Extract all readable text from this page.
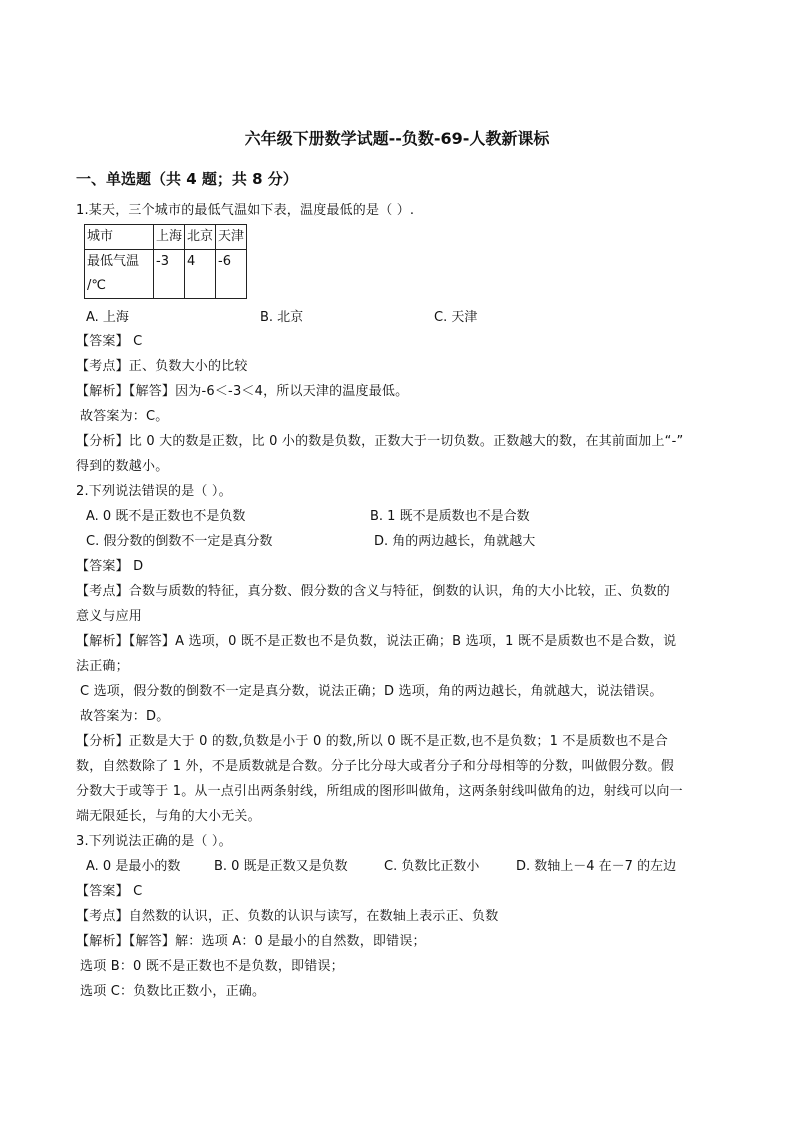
六年级下册数学试题--负数-69-人教新课标
一、单选题（共 4 题；共 8 分）
1.某天，三个城市的最低气温如下表，温度最低的是（ ）.
城市	上海	北京	天津

最低气温
/℃	-3	4	-6
A. 上海	B. 北京	C. 天津
【答案】 C
【考点】正、负数大小的比较
【解析】【解答】因为-6＜-3＜4，所以天津的温度最低。
故答案为：C。
【分析】比 0 大的数是正数，比 0 小的数是负数，正数大于一切负数。正数越大的数，在其前面加上“-”
得到的数越小。
2.下列说法错误的是（ ）。
A. 0 既不是正数也不是负数	B. 1 既不是质数也不是合数
C. 假分数的倒数不一定是真分数	D. 角的两边越长，角就越大
【答案】 D
【考点】合数与质数的特征，真分数、假分数的含义与特征，倒数的认识，角的大小比较，正、负数的
意义与应用
【解析】【解答】A 选项，0 既不是正数也不是负数，说法正确；B 选项，1 既不是质数也不是合数，说
法正确；
C 选项，假分数的倒数不一定是真分数，说法正确；D 选项，角的两边越长，角就越大，说法错误。
故答案为：D。
【分析】正数是大于 0 的数,负数是小于 0 的数,所以 0 既不是正数,也不是负数；1 不是质数也不是合
数，自然数除了 1 外，不是质数就是合数。分子比分母大或者分子和分母相等的分数，叫做假分数。假
分数大于或等于 1。从一点引出两条射线，所组成的图形叫做角，这两条射线叫做角的边，射线可以向一
端无限延长，与角的大小无关。
3.下列说法正确的是（ ）。
A. 0 是最小的数	B. 0 既是正数又是负数	C. 负数比正数小	D. 数轴上－4 在－7 的左边
【答案】 C
【考点】自然数的认识，正、负数的认识与读写，在数轴上表示正、负数
【解析】【解答】解：选项 A：0 是最小的自然数，即错误；
选项 B：0 既不是正数也不是负数，即错误；
选项 C：负数比正数小，正确。
